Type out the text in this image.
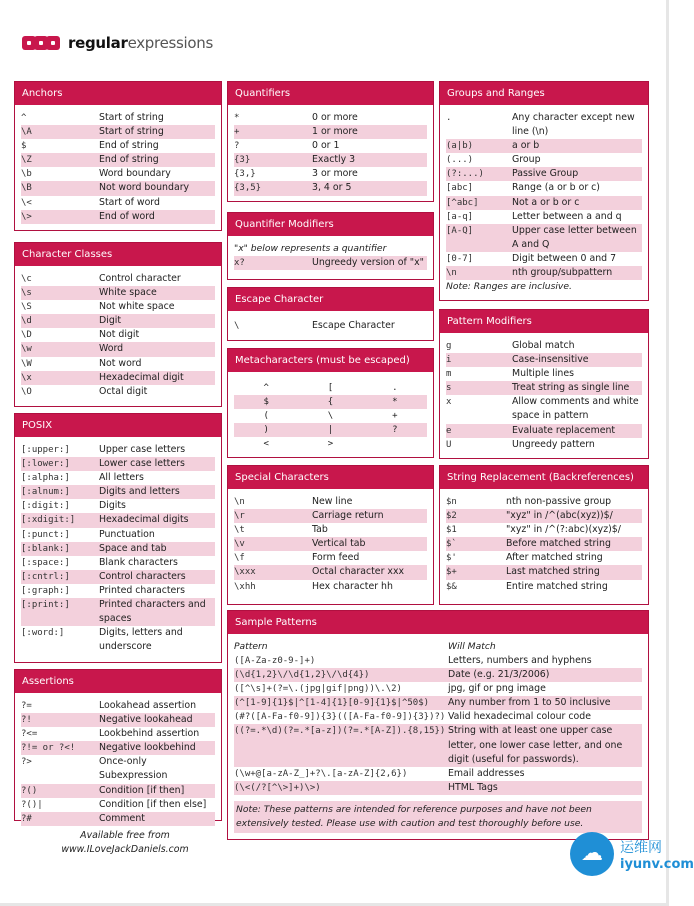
regularexpressions
Anchors
^	Start of string
\A	Start of string
$	End of string
\Z	End of string
\b	Word boundary
\B	Not word boundary
\<	Start of word
\>	End of word
Character Classes
\c	Control character
\s	White space
\S	Not white space
\d	Digit
\D	Not digit
\w	Word
\W	Not word
\x	Hexadecimal digit
\O	Octal digit
POSIX
[:upper:]	Upper case letters
[:lower:]	Lower case letters
[:alpha:]	All letters
[:alnum:]	Digits and letters
[:digit:]	Digits
[:xdigit:]	Hexadecimal digits
[:punct:]	Punctuation
[:blank:]	Space and tab
[:space:]	Blank characters
[:cntrl:]	Control characters
[:graph:]	Printed characters
[:print:]	Printed characters and spaces
[:word:]	Digits, letters and underscore
Assertions
?=	Lookahead assertion
?!	Negative lookahead
?<=	Lookbehind assertion
?!= or ?<!	Negative lookbehind
?>	Once-only Subexpression
?()	Condition [if then]
?()|	Condition [if then else]
?#	Comment
Available free from
www.ILoveJackDaniels.com
Quantifiers
*	0 or more
+	1 or more
?	0 or 1
{3}	Exactly 3
{3,}	3 or more
{3,5}	3, 4 or 5
Quantifier Modifiers
"x" below represents a quantifier
x?	Ungreedy version of "x"
Escape Character
\	Escape Character
Metacharacters (must be escaped)
^	[	.
$	{	*
(	\	+
)	|	?
<	>
Special Characters
\n	New line
\r	Carriage return
\t	Tab
\v	Vertical tab
\f	Form feed
\xxx	Octal character xxx
\xhh	Hex character hh
Groups and Ranges
.	Any character except new line (\n)
(a|b)	a or b
(...)	Group
(?:...)	Passive Group
[abc]	Range (a or b or c)
[^abc]	Not a or b or c
[a-q]	Letter between a and q
[A-Q]	Upper case letter between A and Q
[0-7]	Digit between 0 and 7
\n	nth group/subpattern
Note: Ranges are inclusive.
Pattern Modifiers
g	Global match
i	Case-insensitive
m	Multiple lines
s	Treat string as single line
x	Allow comments and white space in pattern
e	Evaluate replacement
U	Ungreedy pattern
String Replacement (Backreferences)
$n	nth non-passive group
$2	"xyz" in /^(abc(xyz))$/
$1	"xyz" in /^(?:abc)(xyz)$/
$`	Before matched string
$'	After matched string
$+	Last matched string
$&	Entire matched string
Sample Patterns
Pattern	Will Match
([A-Za-z0-9-]+)	Letters, numbers and hyphens
(\d{1,2}\/\d{1,2}\/\d{4})	Date (e.g. 21/3/2006)
([^\s]+(?=\.(jpg|gif|png))\.\2)	jpg, gif or png image
(^[1-9]{1}$|^[1-4]{1}[0-9]{1}$|^50$)	Any number from 1 to 50 inclusive
(#?([A-Fa-f0-9]){3}(([A-Fa-f0-9]){3})?) Valid hexadecimal colour code
((?=.*\d)(?=.*[a-z])(?=.*[A-Z]).{8,15}) String with at least one upper case letter, one lower case letter, and one digit (useful for passwords).
(\w+@[a-zA-Z_]+?\.[a-zA-Z]{2,6})	Email addresses
(\<(/?[^\>]+)\>)	HTML Tags
Note: These patterns are intended for reference purposes and have not been extensively tested. Please use with caution and test thoroughly before use.
☁	运维网
iyunv.com
